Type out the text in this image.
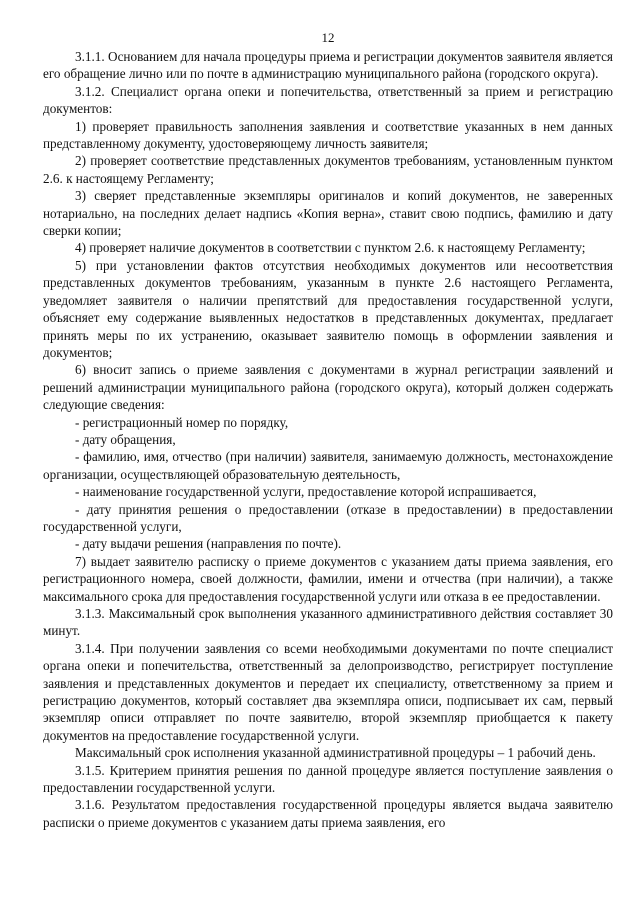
12

3.1.1. Основанием для начала процедуры приема и регистрации документов заявителя является его обращение лично или по почте в администрацию муниципального района (городского округа).

3.1.2. Специалист органа опеки и попечительства, ответственный за прием и регистрацию документов:

1) проверяет правильность заполнения заявления и соответствие указанных в нем данных представленному документу, удостоверяющему личность заявителя;

2) проверяет соответствие представленных документов требованиям, установленным пунктом 2.6. к настоящему Регламенту;

3) сверяет представленные экземпляры оригиналов и копий документов, не заверенных нотариально, на последних делает надпись «Копия верна», ставит свою подпись, фамилию и дату сверки копии;

4) проверяет наличие документов в соответствии с пунктом 2.6. к настоящему Регламенту;

5) при установлении фактов отсутствия необходимых документов или несоответствия представленных документов требованиям, указанным в пункте 2.6 настоящего Регламента, уведомляет заявителя о наличии препятствий для предоставления государственной услуги, объясняет ему содержание выявленных недостатков в представленных документах, предлагает принять меры по их устранению, оказывает заявителю помощь в оформлении заявления и документов;

6) вносит запись о приеме заявления с документами в журнал регистрации заявлений и решений администрации муниципального района (городского округа), который должен содержать следующие сведения:

- регистрационный номер по порядку,

- дату обращения,

- фамилию, имя, отчество (при наличии) заявителя, занимаемую должность, местонахождение организации, осуществляющей образовательную деятельность,

- наименование государственной услуги, предоставление которой испрашивается,

- дату принятия решения о предоставлении (отказе в предоставлении) в предоставлении государственной услуги,

- дату выдачи решения (направления по почте).

7) выдает заявителю расписку о приеме документов с указанием даты приема заявления, его регистрационного номера, своей должности, фамилии, имени и отчества (при наличии), а также максимального срока для предоставления государственной услуги или отказа в ее предоставлении.

3.1.3. Максимальный срок выполнения указанного административного действия составляет 30 минут.

3.1.4. При получении заявления со всеми необходимыми документами по почте специалист органа опеки и попечительства, ответственный за делопроизводство, регистрирует поступление заявления и представленных документов и передает их специалисту, ответственному за прием и регистрацию документов, который составляет два экземпляра описи, подписывает их сам, первый экземпляр описи отправляет по почте заявителю, второй экземпляр приобщается к пакету документов на предоставление государственной услуги.

Максимальный срок исполнения указанной административной процедуры – 1 рабочий день.

3.1.5. Критерием принятия решения по данной процедуре является поступление заявления о предоставлении государственной услуги.

3.1.6. Результатом предоставления государственной процедуры является выдача заявителю расписки о приеме документов с указанием даты приема заявления, его
